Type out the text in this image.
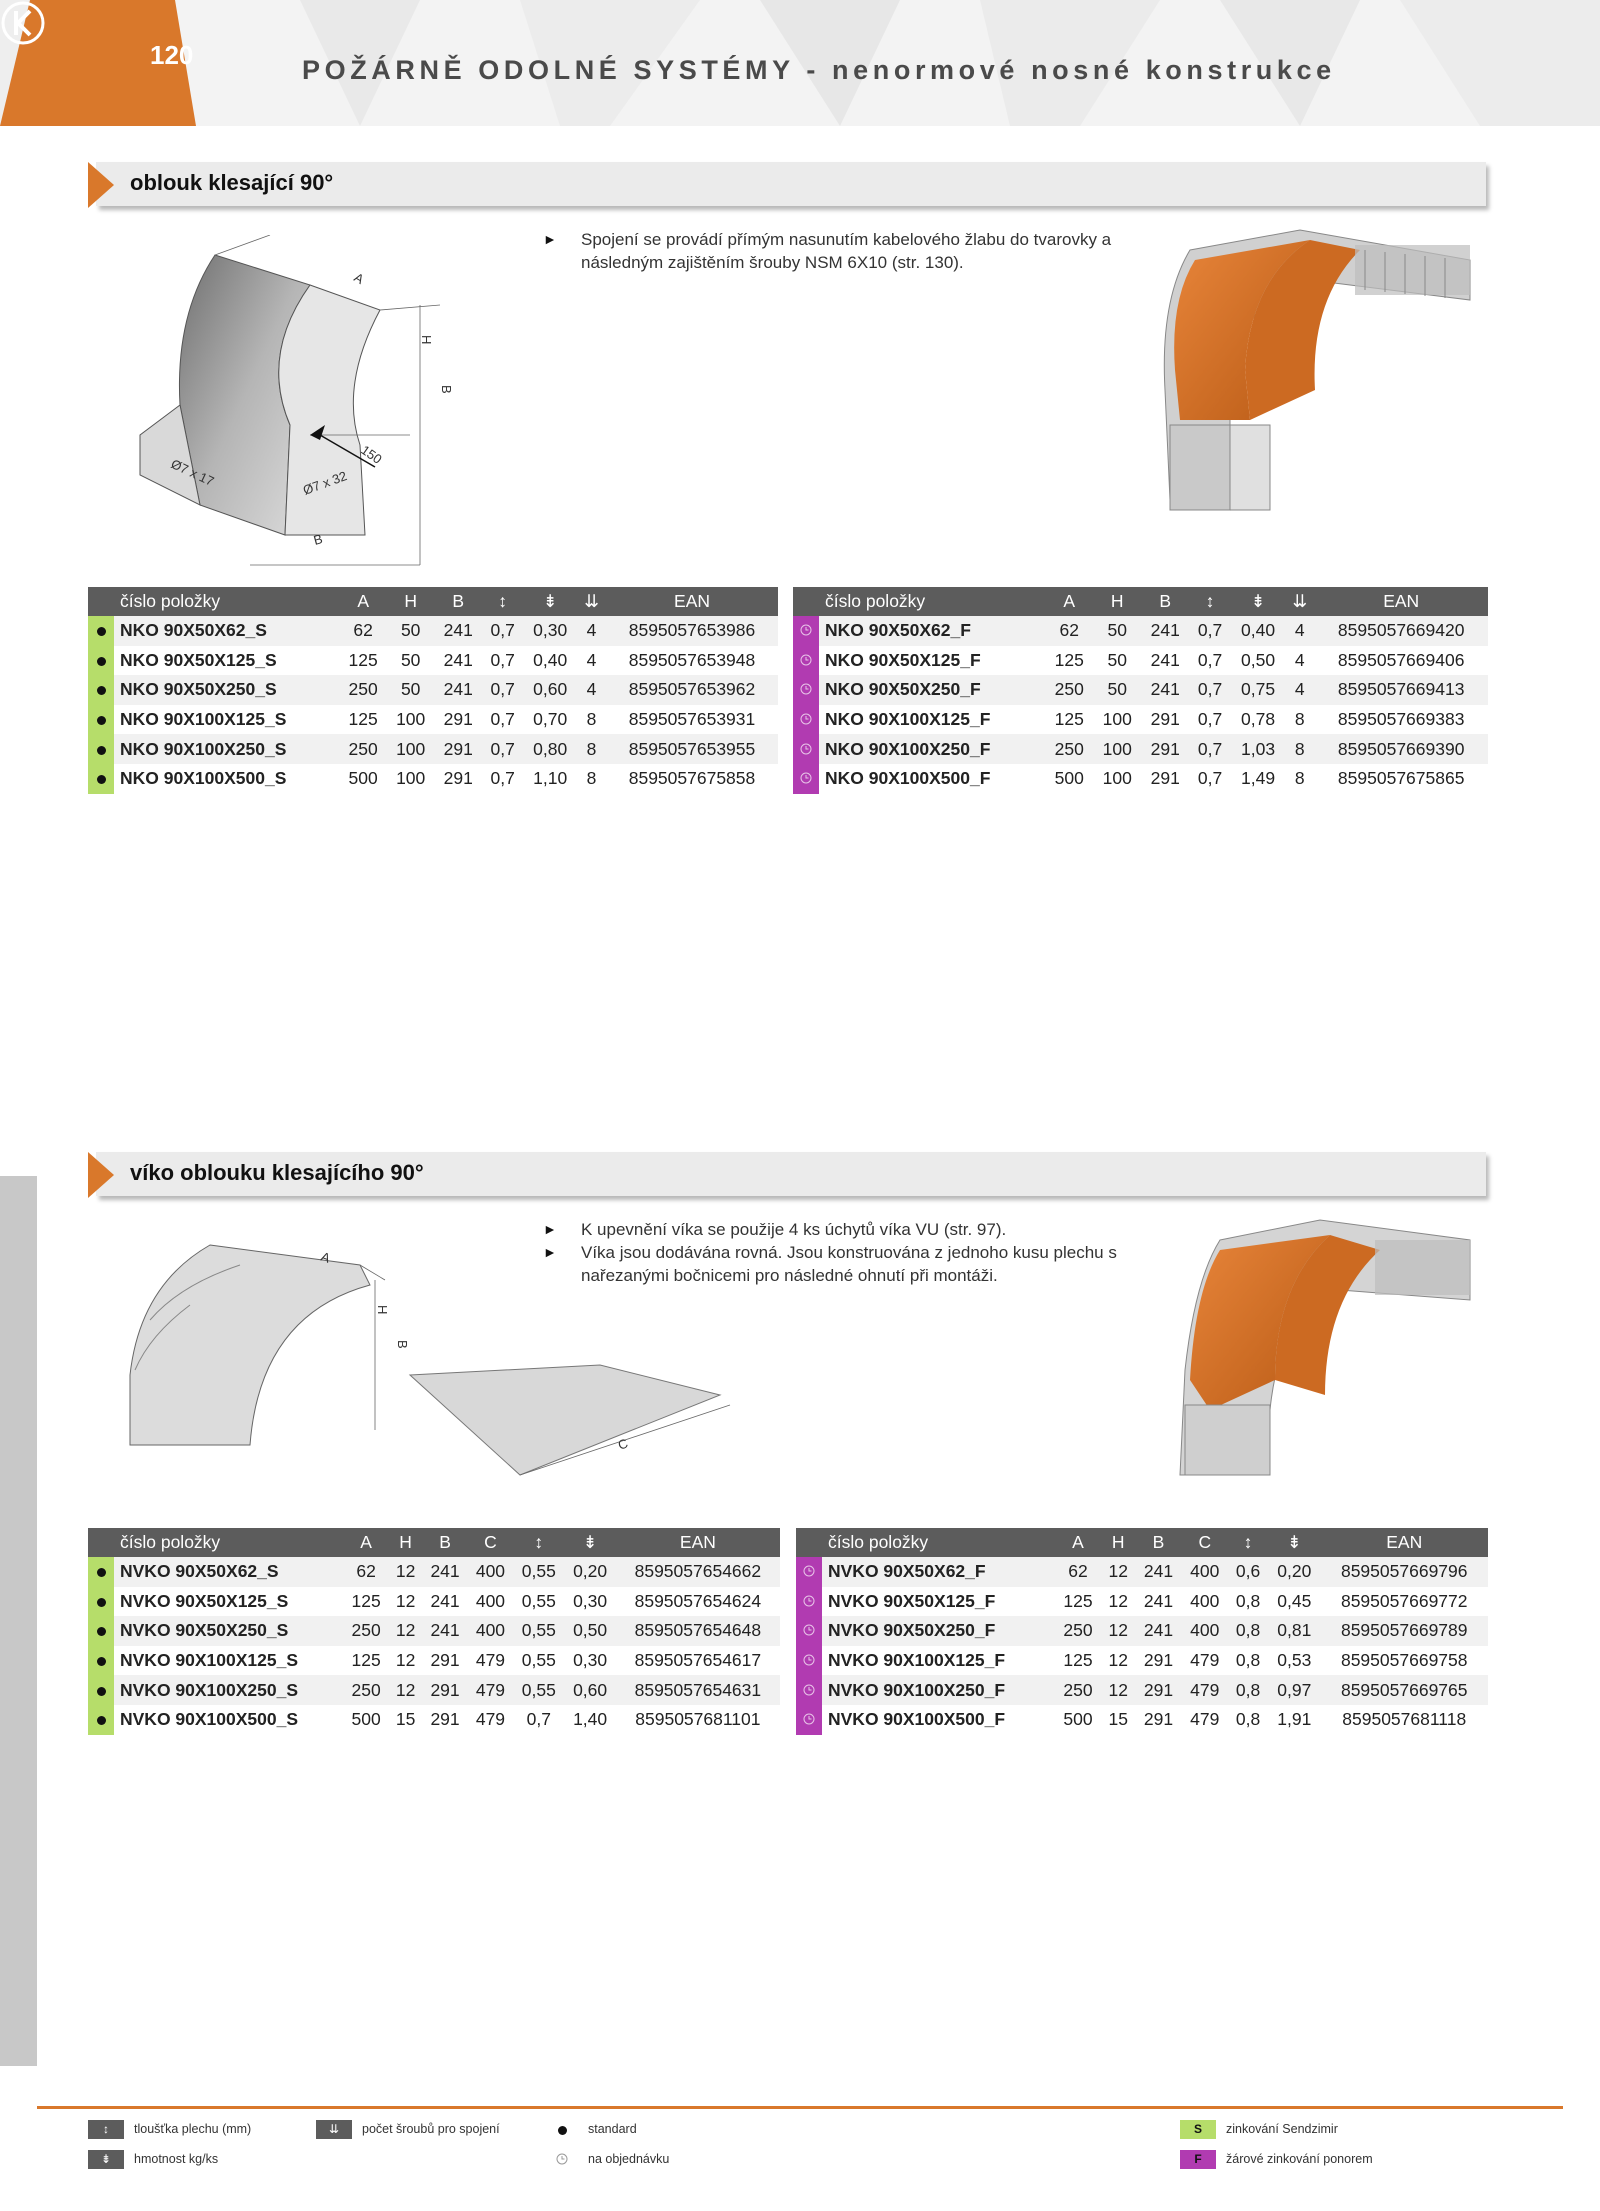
120	POŽÁRNĚ ODOLNÉ SYSTÉMY - nenormové nosné konstrukce
oblouk klesající 90°
A
H
B
150
Ø7 x 17	Ø7 x 32
B

► Spojení se provádí přímým nasunutím kabelového žlabu do tvarovky a následným zajištěním šrouby NSM 6X10 (str. 130).

	číslo položky	A	H	B	↕	⇟	⇊	EAN
	NKO 90X50X62_S	62	50	241	0,7	0,30	4	8595057653986
	NKO 90X50X125_S	125	50	241	0,7	0,40	4	8595057653948
	NKO 90X50X250_S	250	50	241	0,7	0,60	4	8595057653962
	NKO 90X100X125_S	125	100	291	0,7	0,70	8	8595057653931
	NKO 90X100X250_S	250	100	291	0,7	0,80	8	8595057653955
	NKO 90X100X500_S	500	100	291	0,7	1,10	8	8595057675858
	číslo položky	A	H	B	↕	⇟	⇊	EAN
	NKO 90X50X62_F	62	50	241	0,7	0,40	4	8595057669420
	NKO 90X50X125_F	125	50	241	0,7	0,50	4	8595057669406
	NKO 90X50X250_F	250	50	241	0,7	0,75	4	8595057669413
	NKO 90X100X125_F	125	100	291	0,7	0,78	8	8595057669383
	NKO 90X100X250_F	250	100	291	0,7	1,03	8	8595057669390
	NKO 90X100X500_F	500	100	291	0,7	1,49	8	8595057675865
víko oblouku klesajícího 90°
A
H
B
C

► K upevnění víka se použije 4 ks úchytů víka VU (str. 97).

► Víka jsou dodávána rovná. Jsou konstruována z jednoho kusu plechu s nařezanými bočnicemi pro následné ohnutí při montáži.

	číslo položky	A	H	B	C	↕	⇟	EAN
	NVKO 90X50X62_S	62	12	241	400	0,55	0,20	8595057654662
	NVKO 90X50X125_S	125	12	241	400	0,55	0,30	8595057654624
	NVKO 90X50X250_S	250	12	241	400	0,55	0,50	8595057654648
	NVKO 90X100X125_S	125	12	291	479	0,55	0,30	8595057654617
	NVKO 90X100X250_S	250	12	291	479	0,55	0,60	8595057654631
	NVKO 90X100X500_S	500	15	291	479	0,7	1,40	8595057681101
	číslo položky	A	H	B	C	↕	⇟	EAN
	NVKO 90X50X62_F	62	12	241	400	0,6	0,20	8595057669796
	NVKO 90X50X125_F	125	12	241	400	0,8	0,45	8595057669772
	NVKO 90X50X250_F	250	12	241	400	0,8	0,81	8595057669789
	NVKO 90X100X125_F	125	12	291	479	0,8	0,53	8595057669758
	NVKO 90X100X250_F	250	12	291	479	0,8	0,97	8595057669765
	NVKO 90X100X500_F	500	15	291	479	0,8	1,91	8595057681118
↕	tloušťka plechu (mm)
⇟	hmotnost kg/ks
⇊	počet šroubů pro spojení	standard
na objednávku
S	zinkování Sendzimir
F	žárové zinkování ponorem
